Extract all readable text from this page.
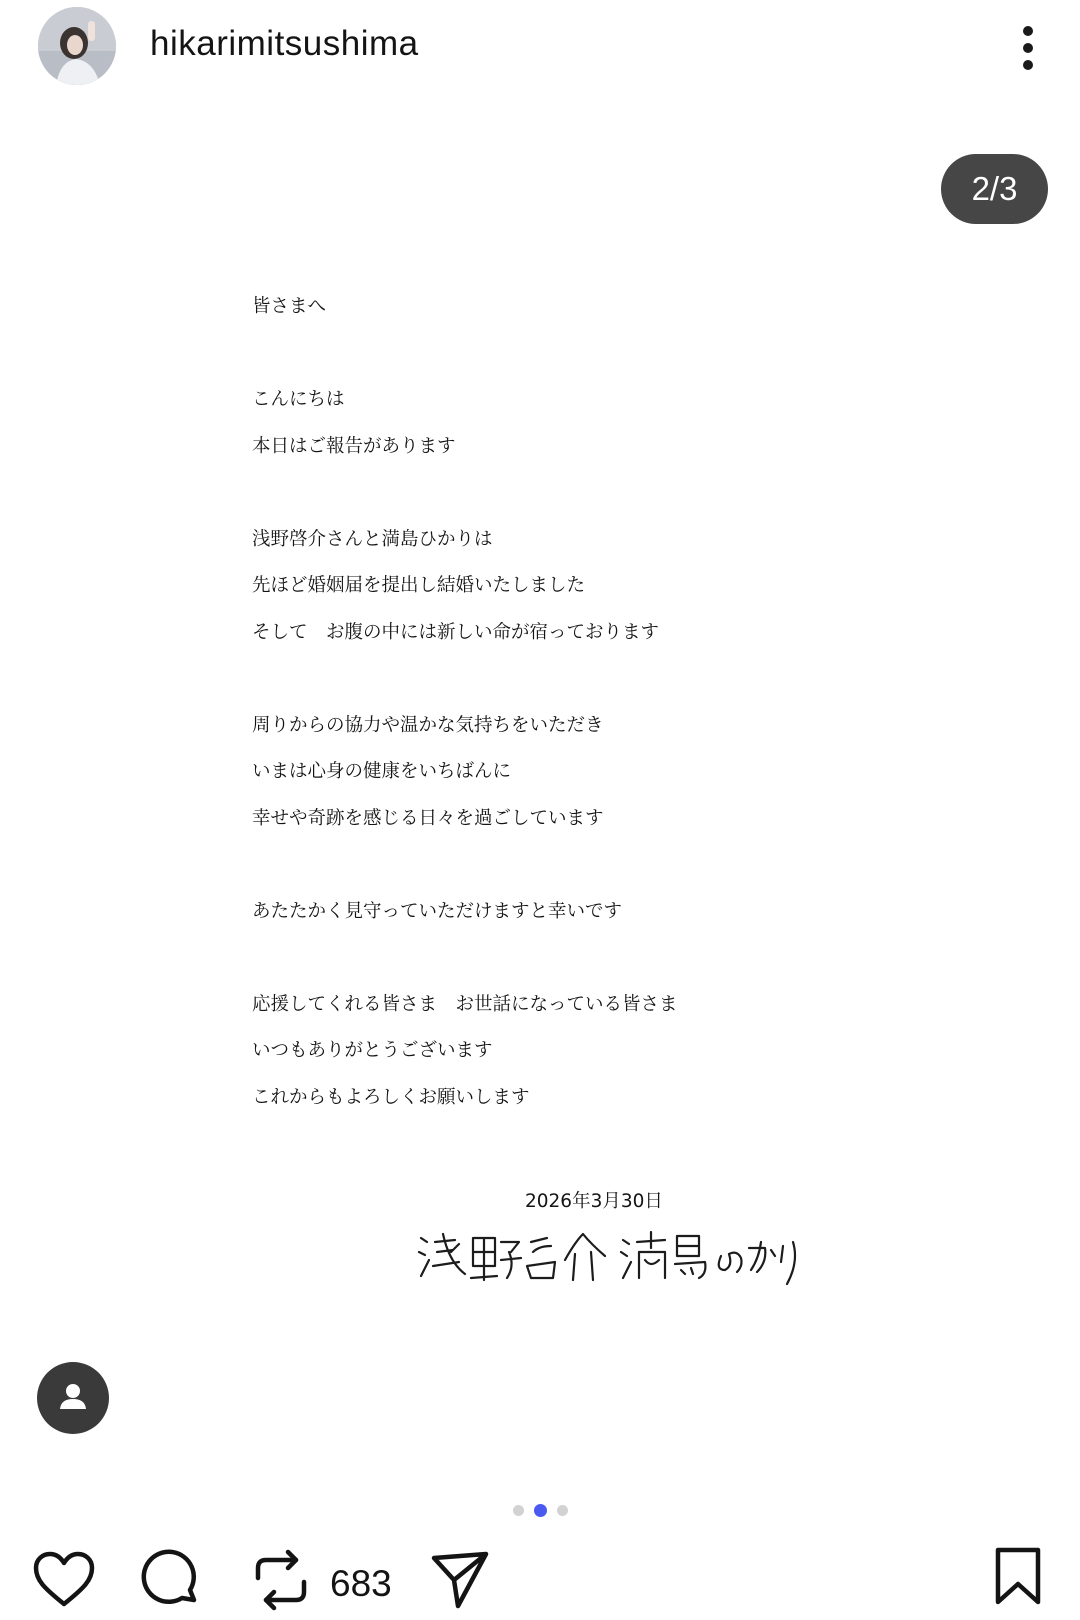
hikarimitsushima
2/3
皆さまへ
こんにちは
本日はご報告があります
浅野啓介さんと満島ひかりは
先ほど婚姻届を提出し結婚いたしました
そして　お腹の中には新しい命が宿っております
周りからの協力や温かな気持ちをいただき
いまは心身の健康をいちばんに
幸せや奇跡を感じる日々を過ごしています
あたたかく見守っていただけますと幸いです
応援してくれる皆さま　お世話になっている皆さま
いつもありがとうございます
これからもよろしくお願いします
2026年3月30日
683
